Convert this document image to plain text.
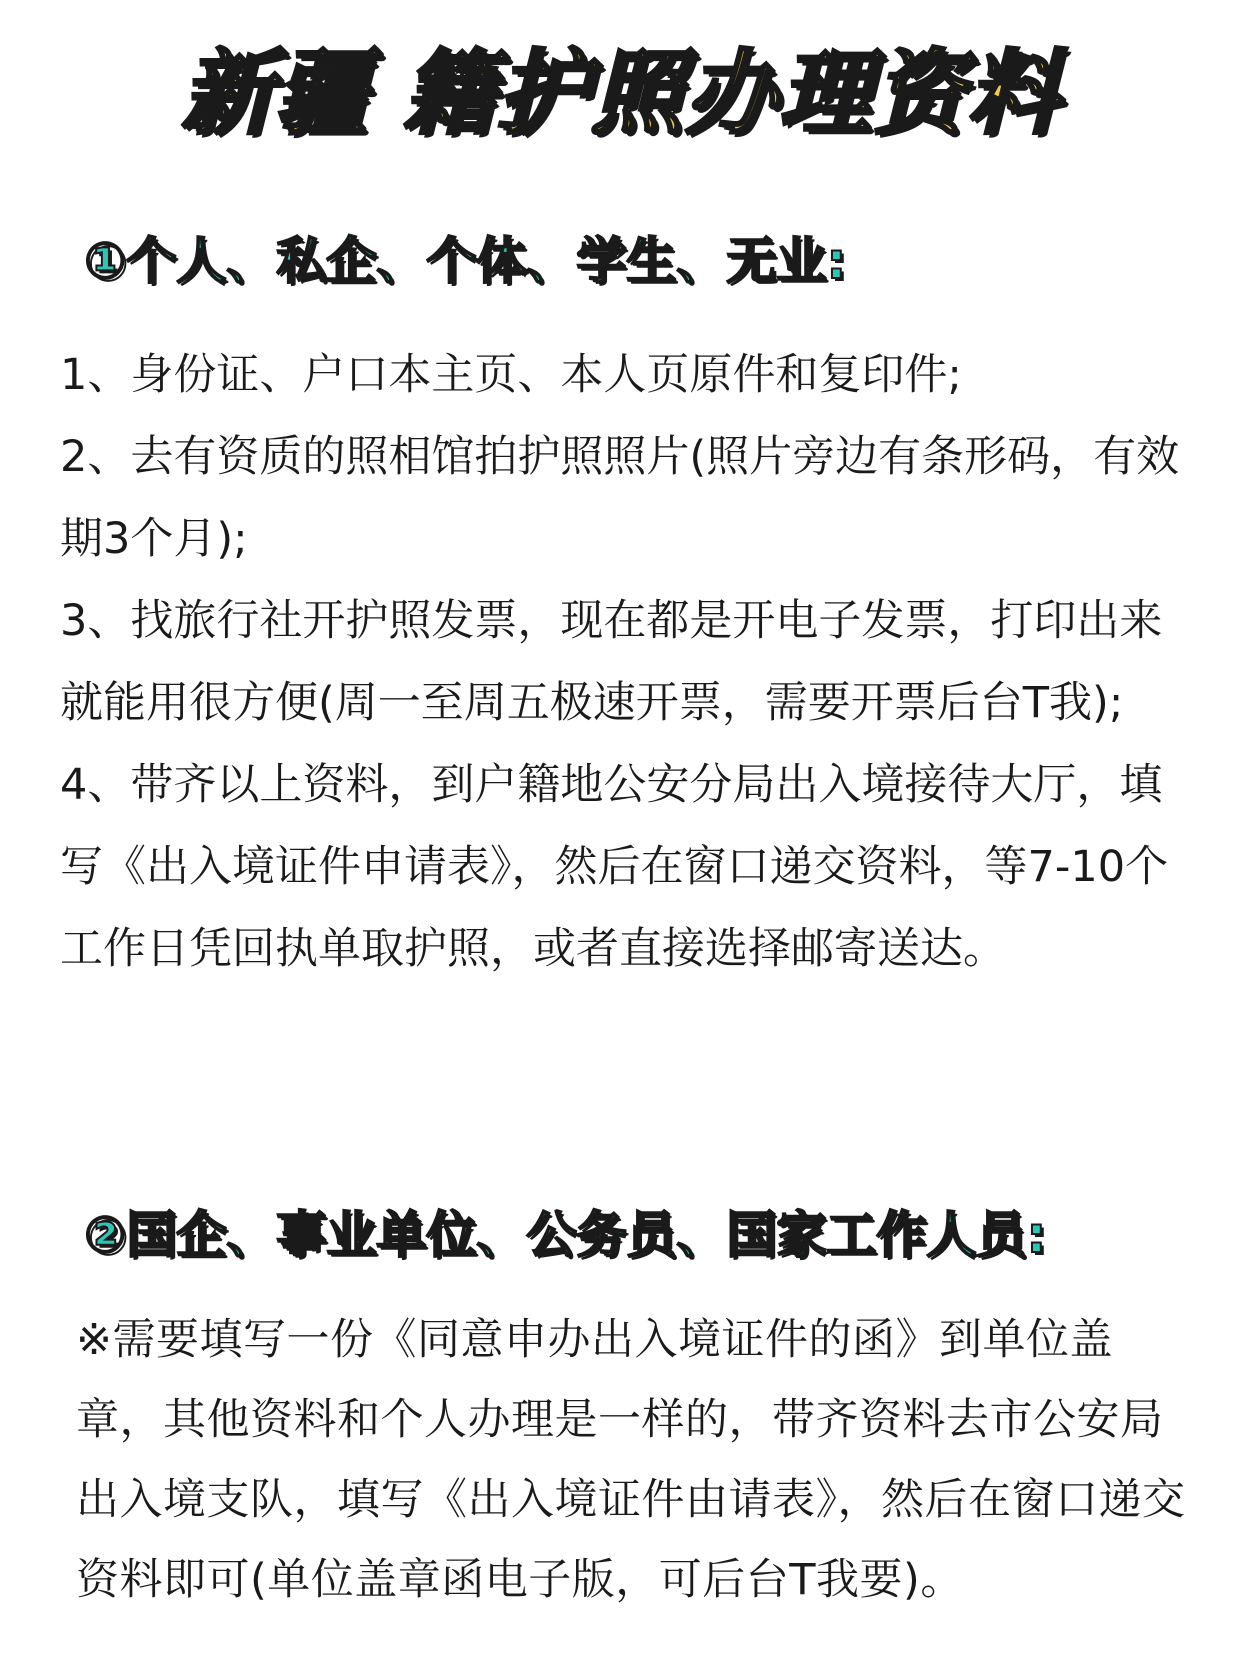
新疆 籍护照办理资料
①个人、私企、个体、学生、无业:

1、身份证、户口本主页、本人页原件和复印件;

2、去有资质的照相馆拍护照照片(照片旁边有条形码，有效期3个月);

3、找旅行社开护照发票，现在都是开电子发票，打印出来就能用很方便(周一至周五极速开票，需要开票后台T我);

4、带齐以上资料，到户籍地公安分局出入境接待大厅，填写《出入境证件申请表》，然后在窗口递交资料，等7-10个工作日凭回执单取护照，或者直接选择邮寄送达。

②国企、事业单位、公务员、国家工作人员:

※需要填写一份《同意申办出入境证件的函》到单位盖章，其他资料和个人办理是一样的，带齐资料去市公安局出入境支队，填写《出入境证件由请表》，然后在窗口递交资料即可(单位盖章函电子版，可后台T我要)。
